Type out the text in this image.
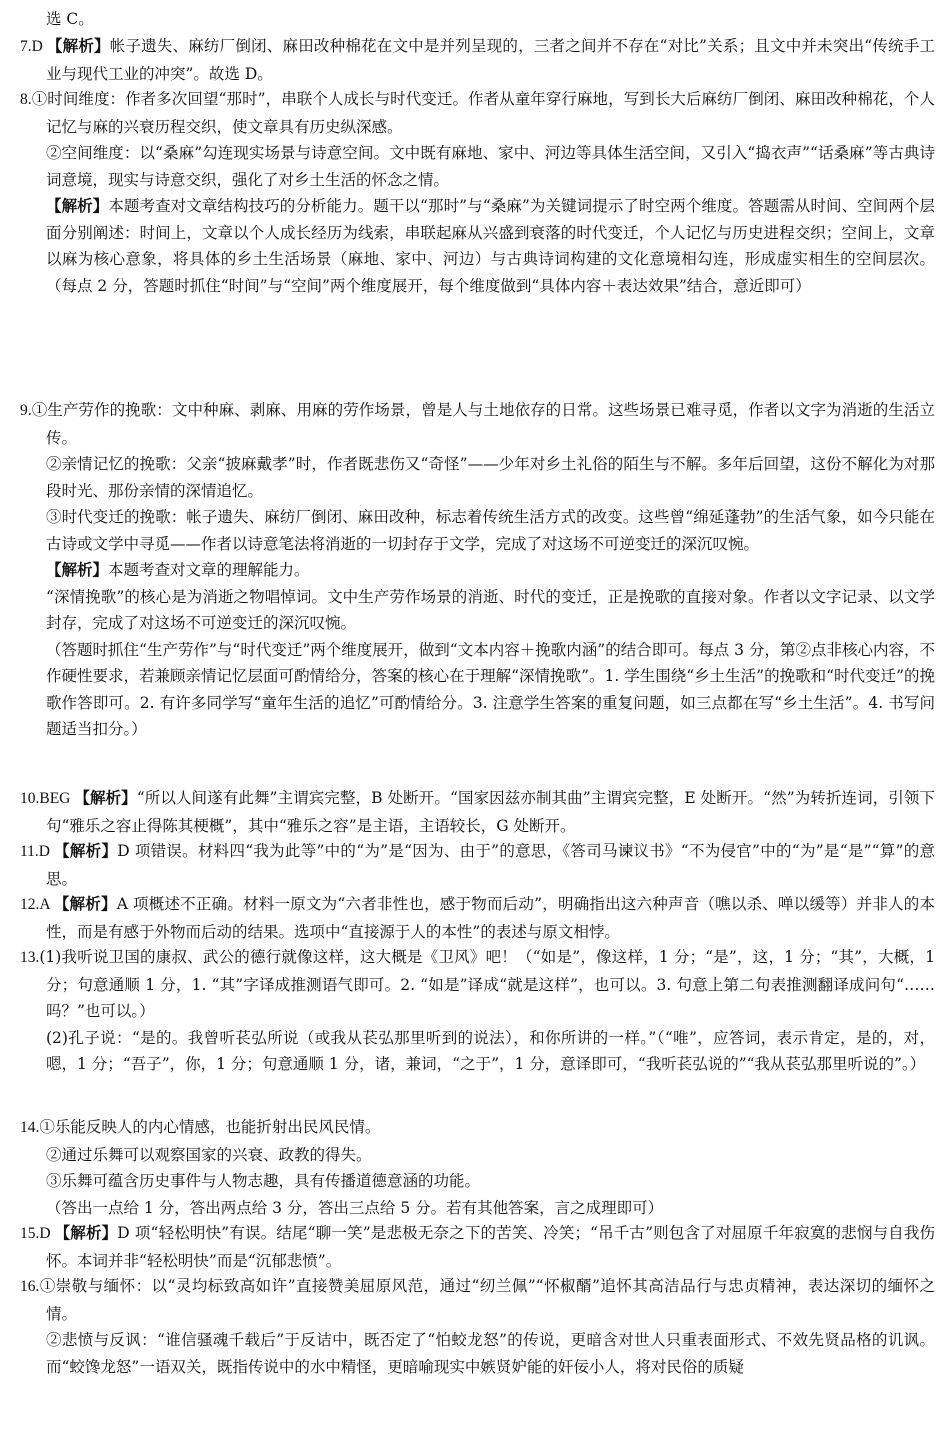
选 C。

7.D 【解析】帐子遗失、麻纺厂倒闭、麻田改种棉花在文中是并列呈现的，三者之间并不存在“对比”关系；且文中并未突出“传统手工业与现代工业的冲突”。故选 D。

8.①时间维度：作者多次回望“那时”，串联个人成长与时代变迁。作者从童年穿行麻地，写到长大后麻纺厂倒闭、麻田改种棉花，个人记忆与麻的兴衰历程交织，使文章具有历史纵深感。

②空间维度：以“桑麻”勾连现实场景与诗意空间。文中既有麻地、家中、河边等具体生活空间，又引入“捣衣声”“话桑麻”等古典诗词意境，现实与诗意交织，强化了对乡土生活的怀念之情。

【解析】本题考查对文章结构技巧的分析能力。题干以“那时”与“桑麻”为关键词提示了时空两个维度。答题需从时间、空间两个层面分别阐述：时间上，文章以个人成长经历为线索，串联起麻从兴盛到衰落的时代变迁，个人记忆与历史进程交织；空间上，文章以麻为核心意象，将具体的乡土生活场景（麻地、家中、河边）与古典诗词构建的文化意境相勾连，形成虚实相生的空间层次。（每点 2 分，答题时抓住“时间”与“空间”两个维度展开，每个维度做到“具体内容＋表达效果”结合，意近即可）

9.①生产劳作的挽歌：文中种麻、剥麻、用麻的劳作场景，曾是人与土地依存的日常。这些场景已难寻觅，作者以文字为消逝的生活立传。

②亲情记忆的挽歌：父亲“披麻戴孝”时，作者既悲伤又“奇怪”——少年对乡土礼俗的陌生与不解。多年后回望，这份不解化为对那段时光、那份亲情的深情追忆。

③时代变迁的挽歌：帐子遗失、麻纺厂倒闭、麻田改种，标志着传统生活方式的改变。这些曾“绵延蓬勃”的生活气象，如今只能在古诗或文学中寻觅——作者以诗意笔法将消逝的一切封存于文学，完成了对这场不可逆变迁的深沉叹惋。

【解析】本题考查对文章的理解能力。

“深情挽歌”的核心是为消逝之物唱悼词。文中生产劳作场景的消逝、时代的变迁，正是挽歌的直接对象。作者以文字记录、以文学封存，完成了对这场不可逆变迁的深沉叹惋。

（答题时抓住“生产劳作”与“时代变迁”两个维度展开，做到“文本内容＋挽歌内涵”的结合即可。每点 3 分，第②点非核心内容，不作硬性要求，若兼顾亲情记忆层面可酌情给分，答案的核心在于理解“深情挽歌”。1. 学生围绕“乡土生活”的挽歌和“时代变迁”的挽歌作答即可。2. 有许多同学写“童年生活的追忆”可酌情给分。3. 注意学生答案的重复问题，如三点都在写“乡土生活”。4. 书写问题适当扣分。）

10.BEG 【解析】“所以人间遂有此舞”主谓宾完整，B 处断开。“国家因兹亦制其曲”主谓宾完整，E 处断开。“然”为转折连词，引领下句“雅乐之容止得陈其梗概”，其中“雅乐之容”是主语，主语较长，G 处断开。

11.D 【解析】D 项错误。材料四“我为此等”中的“为”是“因为、由于”的意思，《答司马谏议书》“不为侵官”中的“为”是“是”“算”的意思。

12.A 【解析】A 项概述不正确。材料一原文为“六者非性也，感于物而后动”，明确指出这六种声音（噍以杀、啴以缓等）并非人的本性，而是有感于外物而后动的结果。选项中“直接源于人的本性”的表述与原文相悖。

13.(1)我听说卫国的康叔、武公的德行就像这样，这大概是《卫风》吧！（“如是”，像这样，1 分；“是”，这，1 分；“其”，大概，1 分；句意通顺 1 分，1. “其”字译成推测语气即可。2. “如是”译成“就是这样”，也可以。3. 句意上第二句表推测翻译成问句“……吗？”也可以。）

(2)孔子说：“是的。我曾听苌弘所说（或我从苌弘那里听到的说法），和你所讲的一样。”（“唯”，应答词，表示肯定，是的，对，嗯，1 分；“吾子”，你，1 分；句意通顺 1 分，诸，兼词，“之于”，1 分，意译即可，“我听苌弘说的”“我从苌弘那里听说的”。）

14.①乐能反映人的内心情感，也能折射出民风民情。

②通过乐舞可以观察国家的兴衰、政教的得失。

③乐舞可蕴含历史事件与人物志趣，具有传播道德意涵的功能。

（答出一点给 1 分，答出两点给 3 分，答出三点给 5 分。若有其他答案，言之成理即可）

15.D 【解析】D 项“轻松明快”有误。结尾“聊一笑”是悲极无奈之下的苦笑、冷笑；“吊千古”则包含了对屈原千年寂寞的悲悯与自我伤怀。本词并非“轻松明快”而是“沉郁悲愤”。

16.①崇敬与缅怀：以“灵均标致高如许”直接赞美屈原风范，通过“纫兰佩”“怀椒醑”追怀其高洁品行与忠贞精神，表达深切的缅怀之情。

②悲愤与反讽：“谁信骚魂千载后”于反诘中，既否定了“怕蛟龙怒”的传说，更暗含对世人只重表面形式、不效先贤品格的讥讽。而“蛟馋龙怒”一语双关，既指传说中的水中精怪，更暗喻现实中嫉贤妒能的奸佞小人，将对民俗的质疑
